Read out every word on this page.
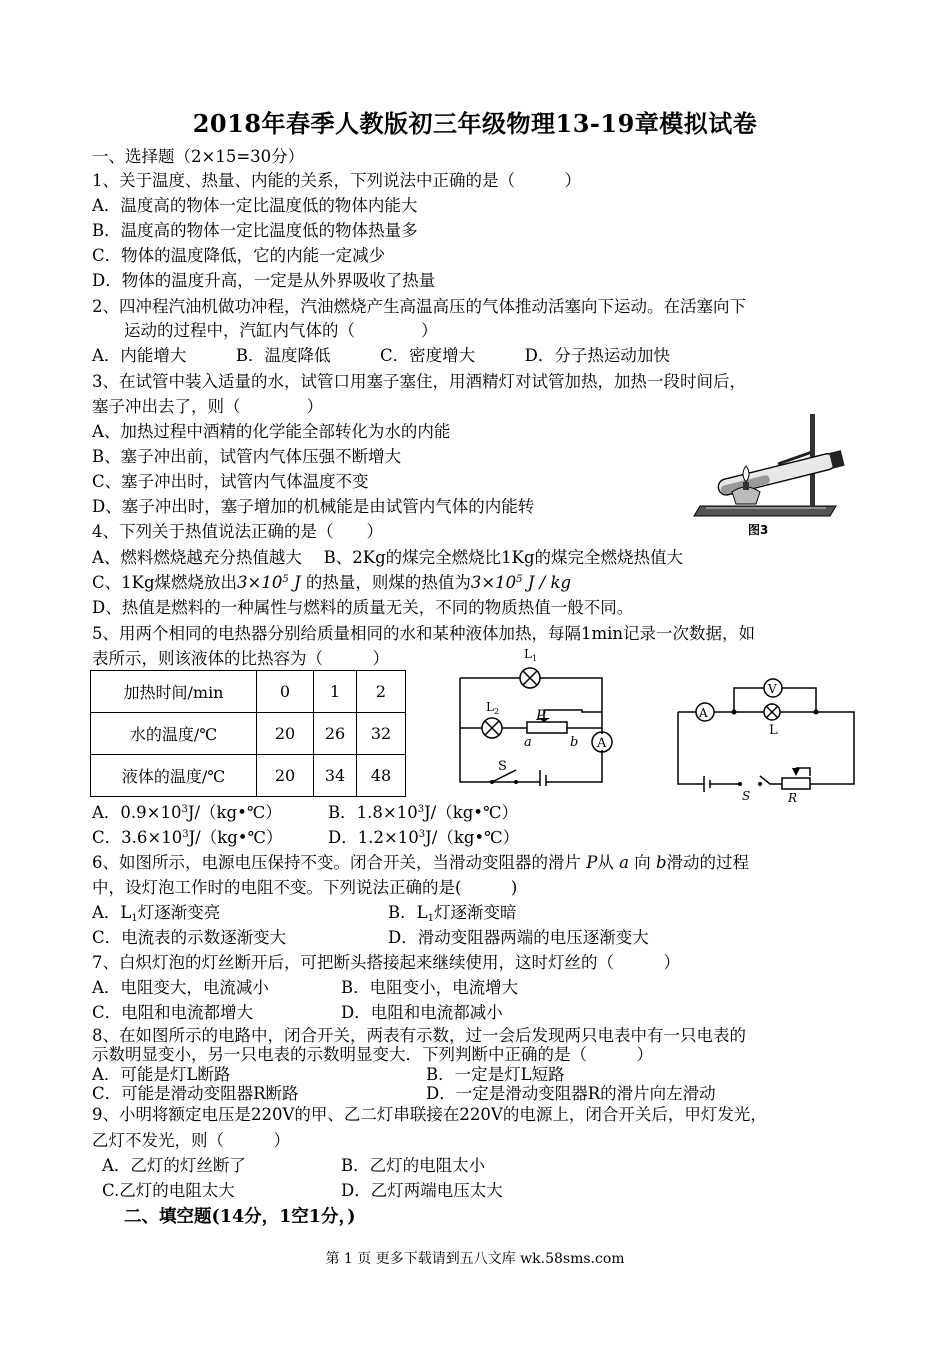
2018年春季人教版初三年级物理13-19章模拟试卷
一、选择题（2×15=30分）
1、关于温度、热量、内能的关系，下列说法中正确的是（　　　）
A．温度高的物体一定比温度低的物体内能大
B．温度高的物体一定比温度低的物体热量多
C．物体的温度降低，它的内能一定减少
D．物体的温度升高，一定是从外界吸收了热量
2、四冲程汽油机做功冲程，汽油燃烧产生高温高压的气体推动活塞向下运动。在活塞向下
运动的过程中，汽缸内气体的（　　　　）
A．内能增大　　　B．温度降低　　　C．密度增大　　　D．分子热运动加快
3、在试管中装入适量的水，试管口用塞子塞住，用酒精灯对试管加热，加热一段时间后，
塞子冲出去了，则（　　　　）
A、加热过程中酒精的化学能全部转化为水的内能
B、塞子冲出前，试管内气体压强不断增大
C、塞子冲出时，试管内气体温度不变
D、塞子冲出时，塞子增加的机械能是由试管内气体的内能转
图3
4、下列关于热值说法正确的是（　　）
A、燃料燃烧越充分热值越大　 B、2Kg的煤完全燃烧比1Kg的煤完全燃烧热值大
C、1Kg煤燃烧放出$3\times 10^5$ J 的热量，则煤的热值为$3\times 10^5$ J / kg
D、热值是燃料的一种属性与燃料的质量无关，不同的物质热值一般不同。
5、用两个相同的电热器分别给质量相同的水和某种液体加热，每隔1min记录一次数据，如
表所示，则该液体的比热容为（　　　）
加热时间/min	0	1	2
水的温度/℃	20	26	32
液体的温度/℃	20	34	48
$L_1$
$L_2$	P
a	b A
S
A
V
L
S	R
A．$0.9\times 10^3J/(kg•℃)$	B．$1.8\times 10^3J/(kg•℃)$
C．$3.6\times 10^3J/(kg•℃)$	D．$1.2\times 10^3J/(kg•℃)$
6、如图所示，电源电压保持不变。闭合开关，当滑动变阻器的滑片 P从 a 向 b滑动的过程
中，设灯泡工作时的电阻不变。下列说法正确的是(　　　)
A．$L_1$灯逐渐变亮	B．$L_1$灯逐渐变暗
C．电流表的示数逐渐变大	D．滑动变阻器两端的电压逐渐变大
7、白炽灯泡的灯丝断开后，可把断头搭接起来继续使用，这时灯丝的（　　　）
A．电阻变大，电流减小	B．电阻变小，电流增大
C．电阻和电流都增大	D．电阻和电流都减小
8、在如图所示的电路中，闭合开关，两表有示数，过一会后发现两只电表中有一只电表的
示数明显变小，另一只电表的示数明显变大．下列判断中正确的是（　　　）
A．可能是灯L断路	B．一定是灯L短路
C．可能是滑动变阻器R断路	D．一定是滑动变阻器R的滑片向左滑动
9、小明将额定电压是220V的甲、乙二灯串联接在220V的电源上，闭合开关后，甲灯发光，
乙灯不发光，则（　　　）
A．乙灯的灯丝断了	B．乙灯的电阻太小
C.乙灯的电阻太大	D．乙灯两端电压太大
二、填空题(14分，1空1分，)
第 1 页 更多下载请到五八文库 wk.58sms.com
